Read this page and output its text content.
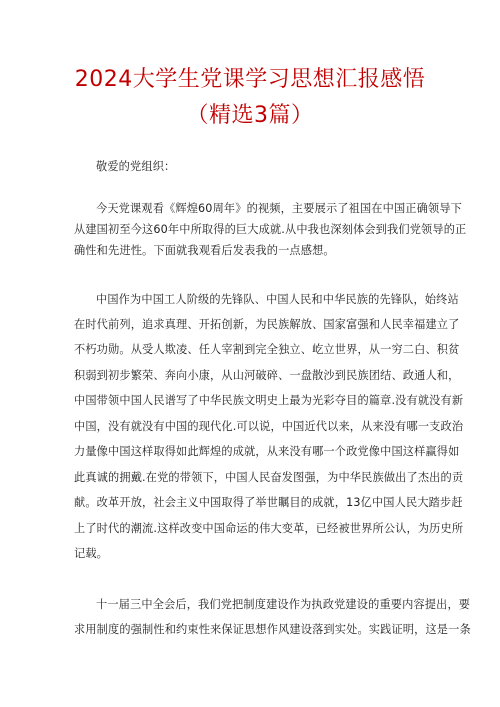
2024大学生党课学习思想汇报感悟
（精选3篇）
敬爱的党组织：
今天党课观看《辉煌60周年》的视频，主要展示了祖国在中国正确领导下
从建国初至今这60年中所取得的巨大成就.从中我也深刻体会到我们党领导的正
确性和先进性。下面就我观看后发表我的一点感想。
中国作为中国工人阶级的先锋队、中国人民和中华民族的先锋队，始终站
在时代前列，追求真理、开拓创新，为民族解放、国家富强和人民幸福建立了
不朽功勋。从受人欺凌、任人宰割到完全独立、屹立世界，从一穷二白、积贫
积弱到初步繁荣、奔向小康，从山河破碎、一盘散沙到民族团结、政通人和，
中国带领中国人民谱写了中华民族文明史上最为光彩夺目的篇章.没有就没有新
中国，没有就没有中国的现代化.可以说，中国近代以来，从来没有哪一支政治
力量像中国这样取得如此辉煌的成就，从来没有哪一个政党像中国这样赢得如
此真诚的拥戴.在党的带领下，中国人民奋发图强，为中华民族做出了杰出的贡
献。改革开放，社会主义中国取得了举世瞩目的成就，13亿中国人民大踏步赶
上了时代的潮流.这样改变中国命运的伟大变革，已经被世界所公认，为历史所
记载。
十一届三中全会后，我们党把制度建设作为执政党建设的重要内容提出，要
求用制度的强制性和约束性来保证思想作风建设落到实处。实践证明，这是一条
